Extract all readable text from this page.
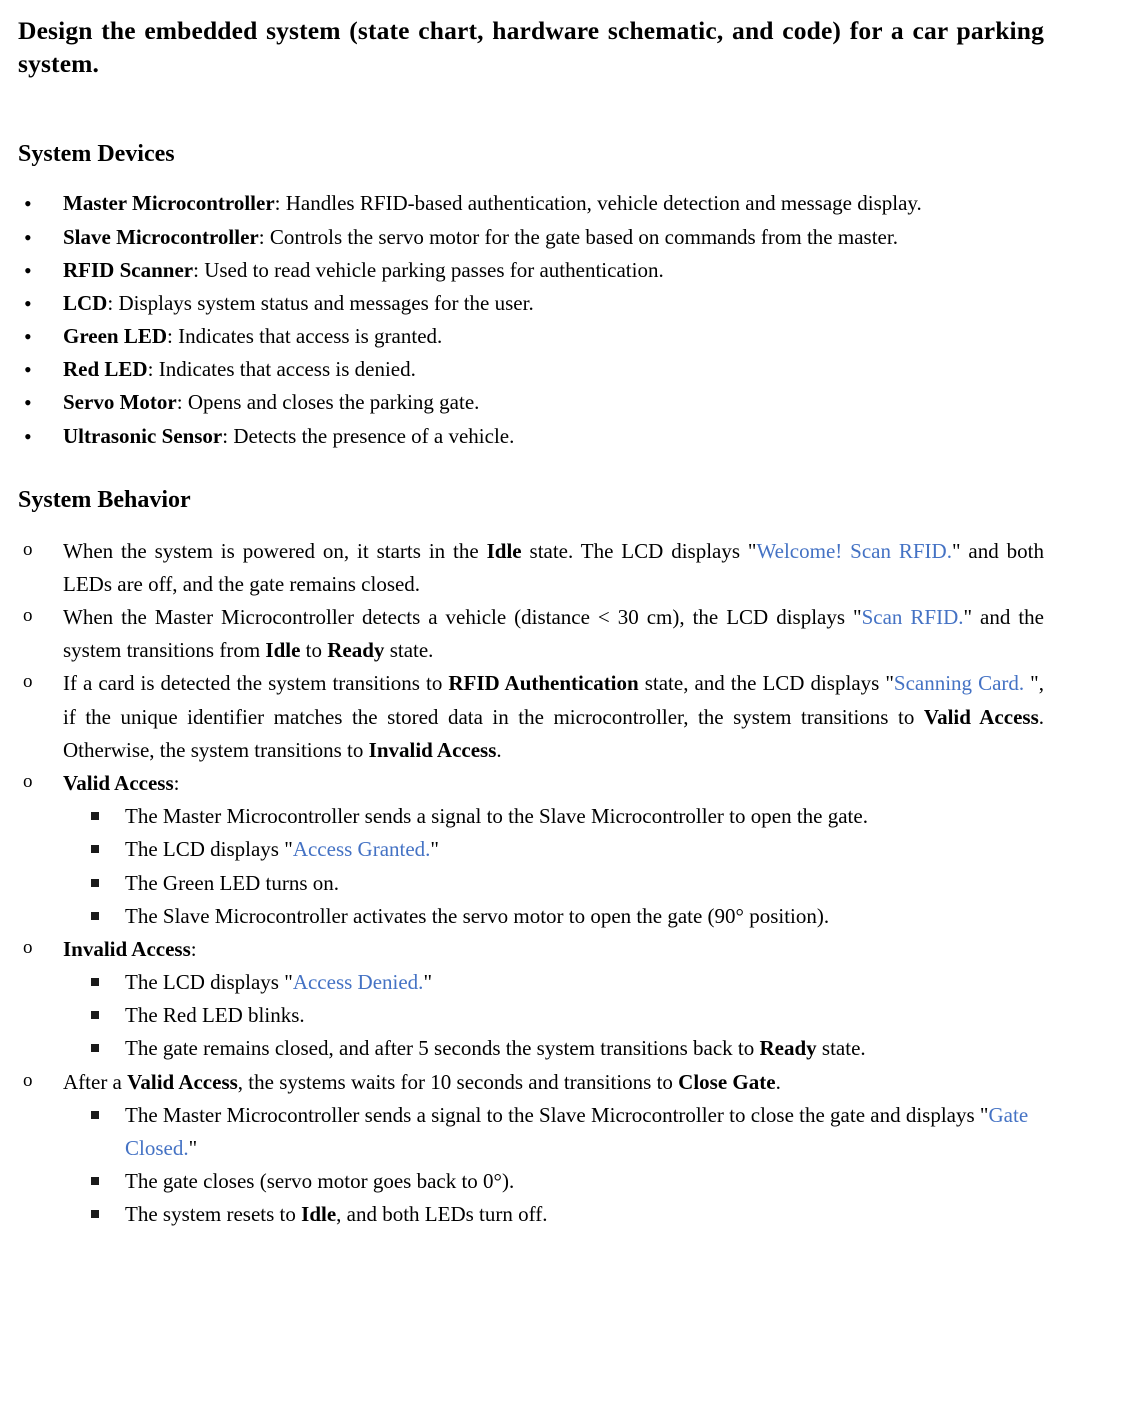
Design the embedded system (state chart, hardware schematic, and code) for a car parking system.
System Devices
•
Master Microcontroller: Handles RFID-based authentication, vehicle detection and message display.
•
Slave Microcontroller: Controls the servo motor for the gate based on commands from the master.
•
RFID Scanner: Used to read vehicle parking passes for authentication.
•
LCD: Displays system status and messages for the user.
•
Green LED: Indicates that access is granted.
•
Red LED: Indicates that access is denied.
•
Servo Motor: Opens and closes the parking gate.
•
Ultrasonic Sensor: Detects the presence of a vehicle.
System Behavior
o
When the system is powered on, it starts in the Idle state. The LCD displays "Welcome! Scan RFID." and both LEDs are off, and the gate remains closed.
o
When the Master Microcontroller detects a vehicle (distance < 30 cm), the LCD displays "Scan RFID." and the system transitions from Idle to Ready state.
o
If a card is detected the system transitions to RFID Authentication state, and the LCD displays "Scanning Card. ", if the unique identifier matches the stored data in the microcontroller, the system transitions to Valid Access. Otherwise, the system transitions to Invalid Access.
o
Valid Access:
The Master Microcontroller sends a signal to the Slave Microcontroller to open the gate.
The LCD displays "Access Granted."
The Green LED turns on.
The Slave Microcontroller activates the servo motor to open the gate (90° position).
o
Invalid Access:
The LCD displays "Access Denied."
The Red LED blinks.
The gate remains closed, and after 5 seconds the system transitions back to Ready state.
o
After a Valid Access, the systems waits for 10 seconds and transitions to Close Gate.
The Master Microcontroller sends a signal to the Slave Microcontroller to close the gate and displays "Gate Closed."
The gate closes (servo motor goes back to 0°).
The system resets to Idle, and both LEDs turn off.
